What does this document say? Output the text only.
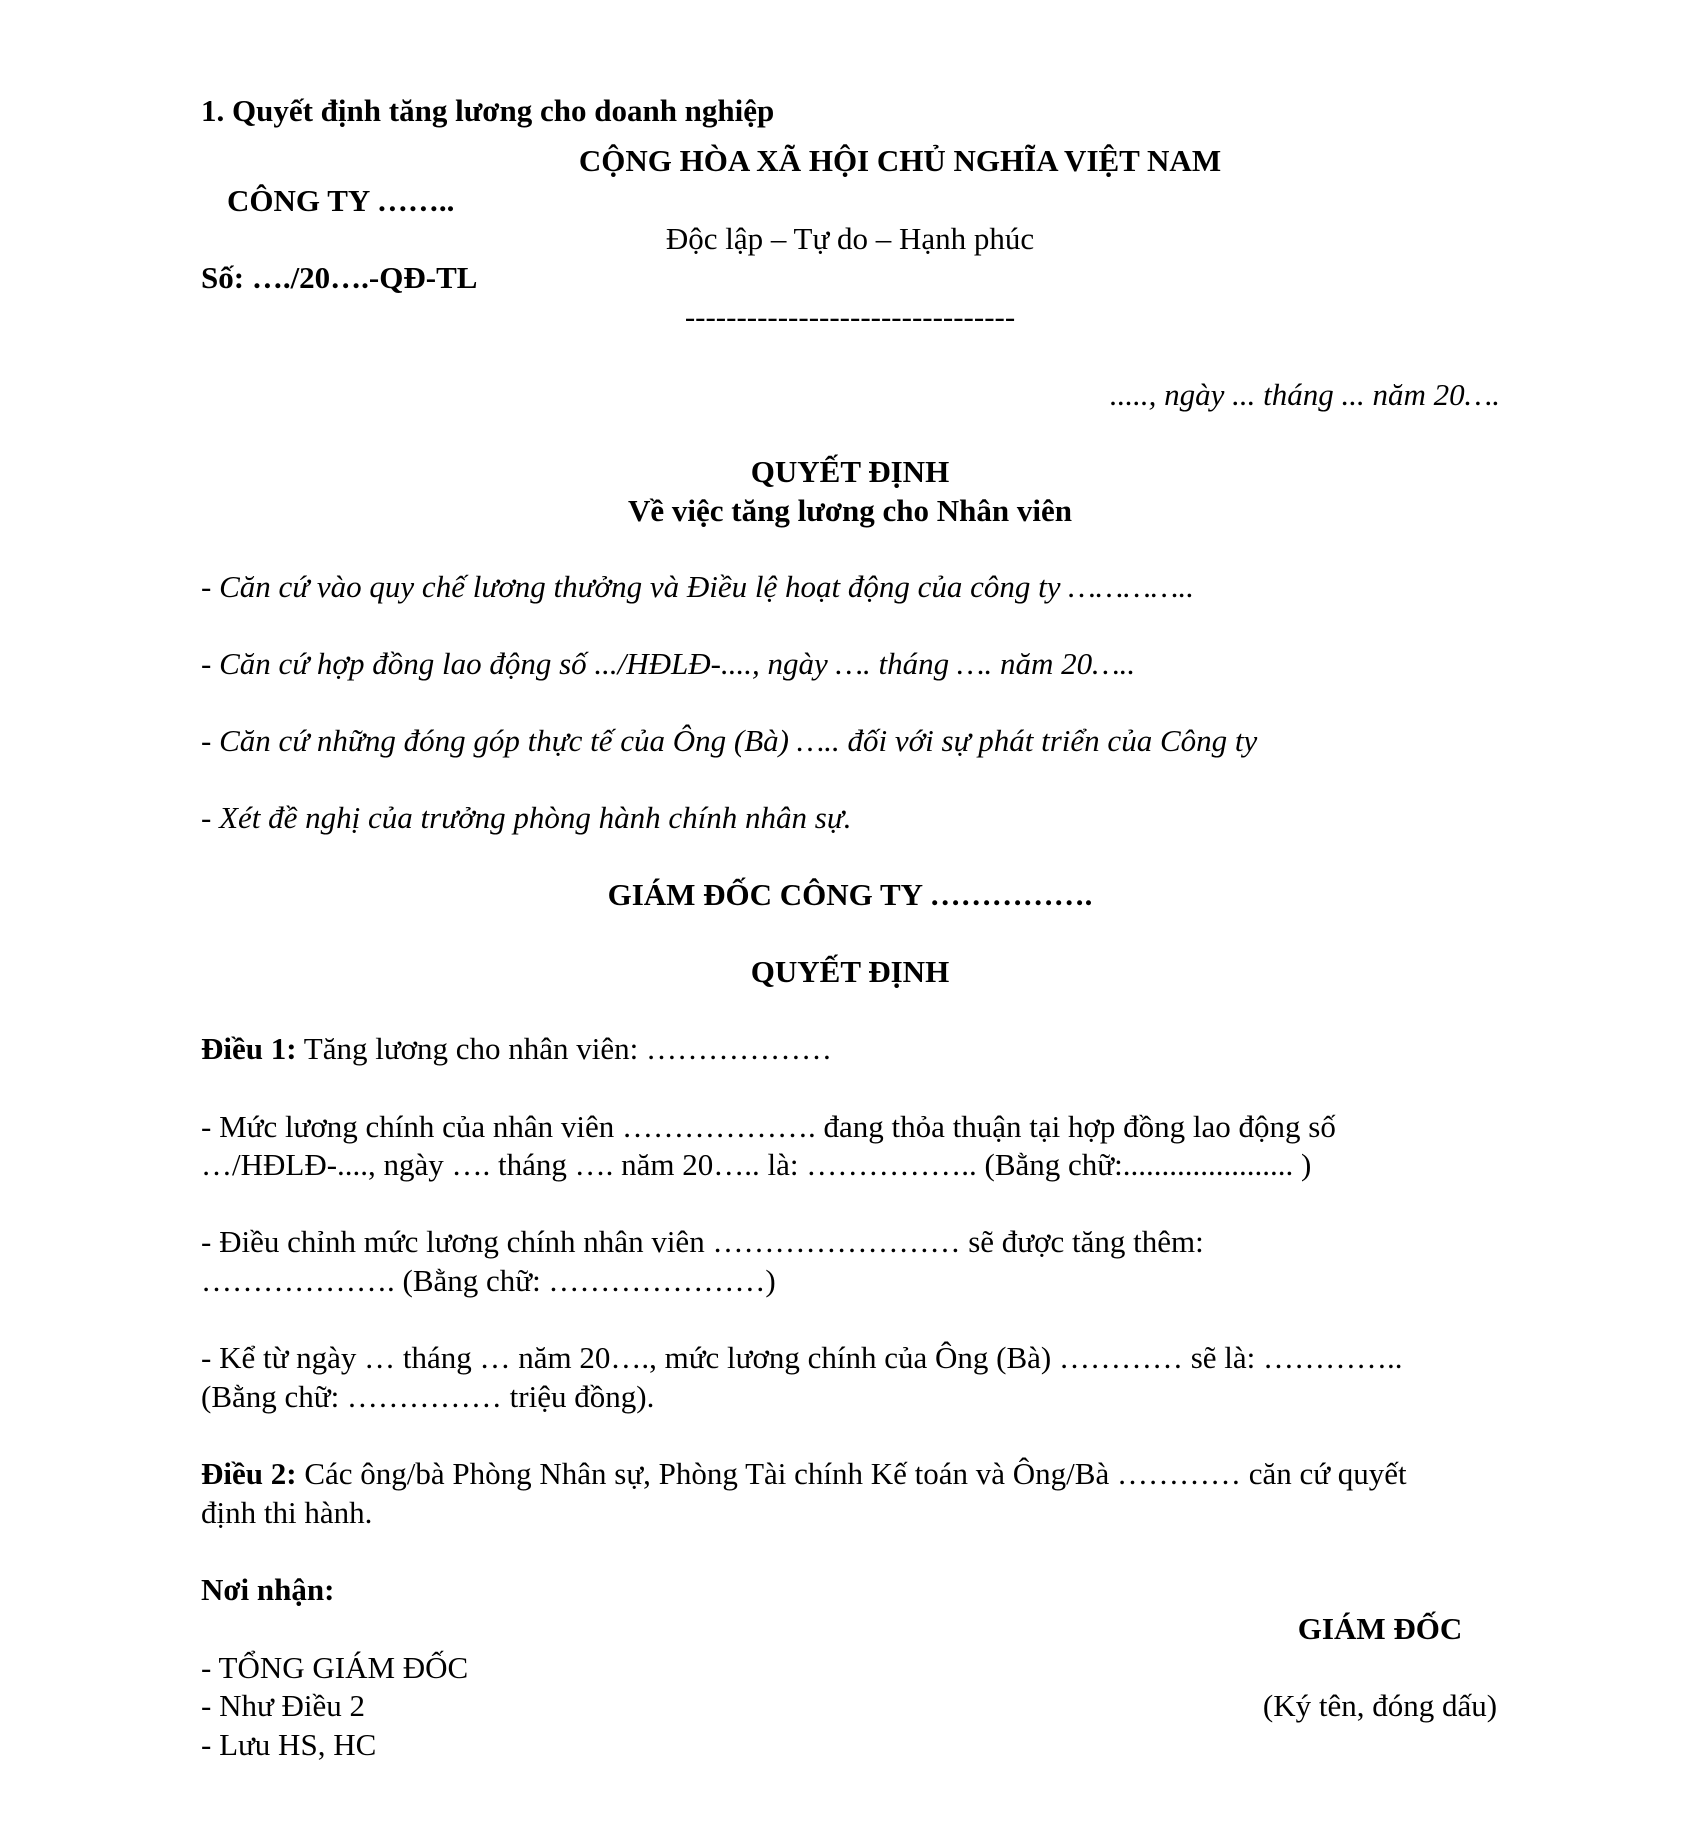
1. Quyết định tăng lương cho doanh nghiệp
CỘNG HÒA XÃ HỘI CHỦ NGHĨA VIỆT NAM
CÔNG TY ……..
Độc lập – Tự do – Hạnh phúc
Số: …./20….-QĐ-TL
--------------------------------
....., ngày ... tháng ... năm 20….
QUYẾT ĐỊNH
Về việc tăng lương cho Nhân viên
- Căn cứ vào quy chế lương thưởng và Điều lệ hoạt động của công ty …………..
- Căn cứ hợp đồng lao động số .../HĐLĐ-...., ngày …. tháng …. năm 20…..
- Căn cứ những đóng góp thực tế của Ông (Bà) ….. đối với sự phát triển của Công ty
- Xét đề nghị của trưởng phòng hành chính nhân sự.
GIÁM ĐỐC CÔNG TY …………….
QUYẾT ĐỊNH
Điều 1: Tăng lương cho nhân viên: ………………
- Mức lương chính của nhân viên ………………. đang thỏa thuận tại hợp đồng lao động số
…/HĐLĐ-...., ngày …. tháng …. năm 20….. là: …………….. (Bằng chữ:...................... )
- Điều chỉnh mức lương chính nhân viên …………………… sẽ được tăng thêm:
………………. (Bằng chữ: …………………)
- Kể từ ngày … tháng … năm 20…., mức lương chính của Ông (Bà) ………… sẽ là: …………..
(Bằng chữ: …………… triệu đồng).
Điều 2: Các ông/bà Phòng Nhân sự, Phòng Tài chính Kế toán và Ông/Bà ………… căn cứ quyết
định thi hành.
Nơi nhận:
- TỔNG GIÁM ĐỐC
- Như Điều 2
- Lưu HS, HC
GIÁM ĐỐC
(Ký tên, đóng dấu)
